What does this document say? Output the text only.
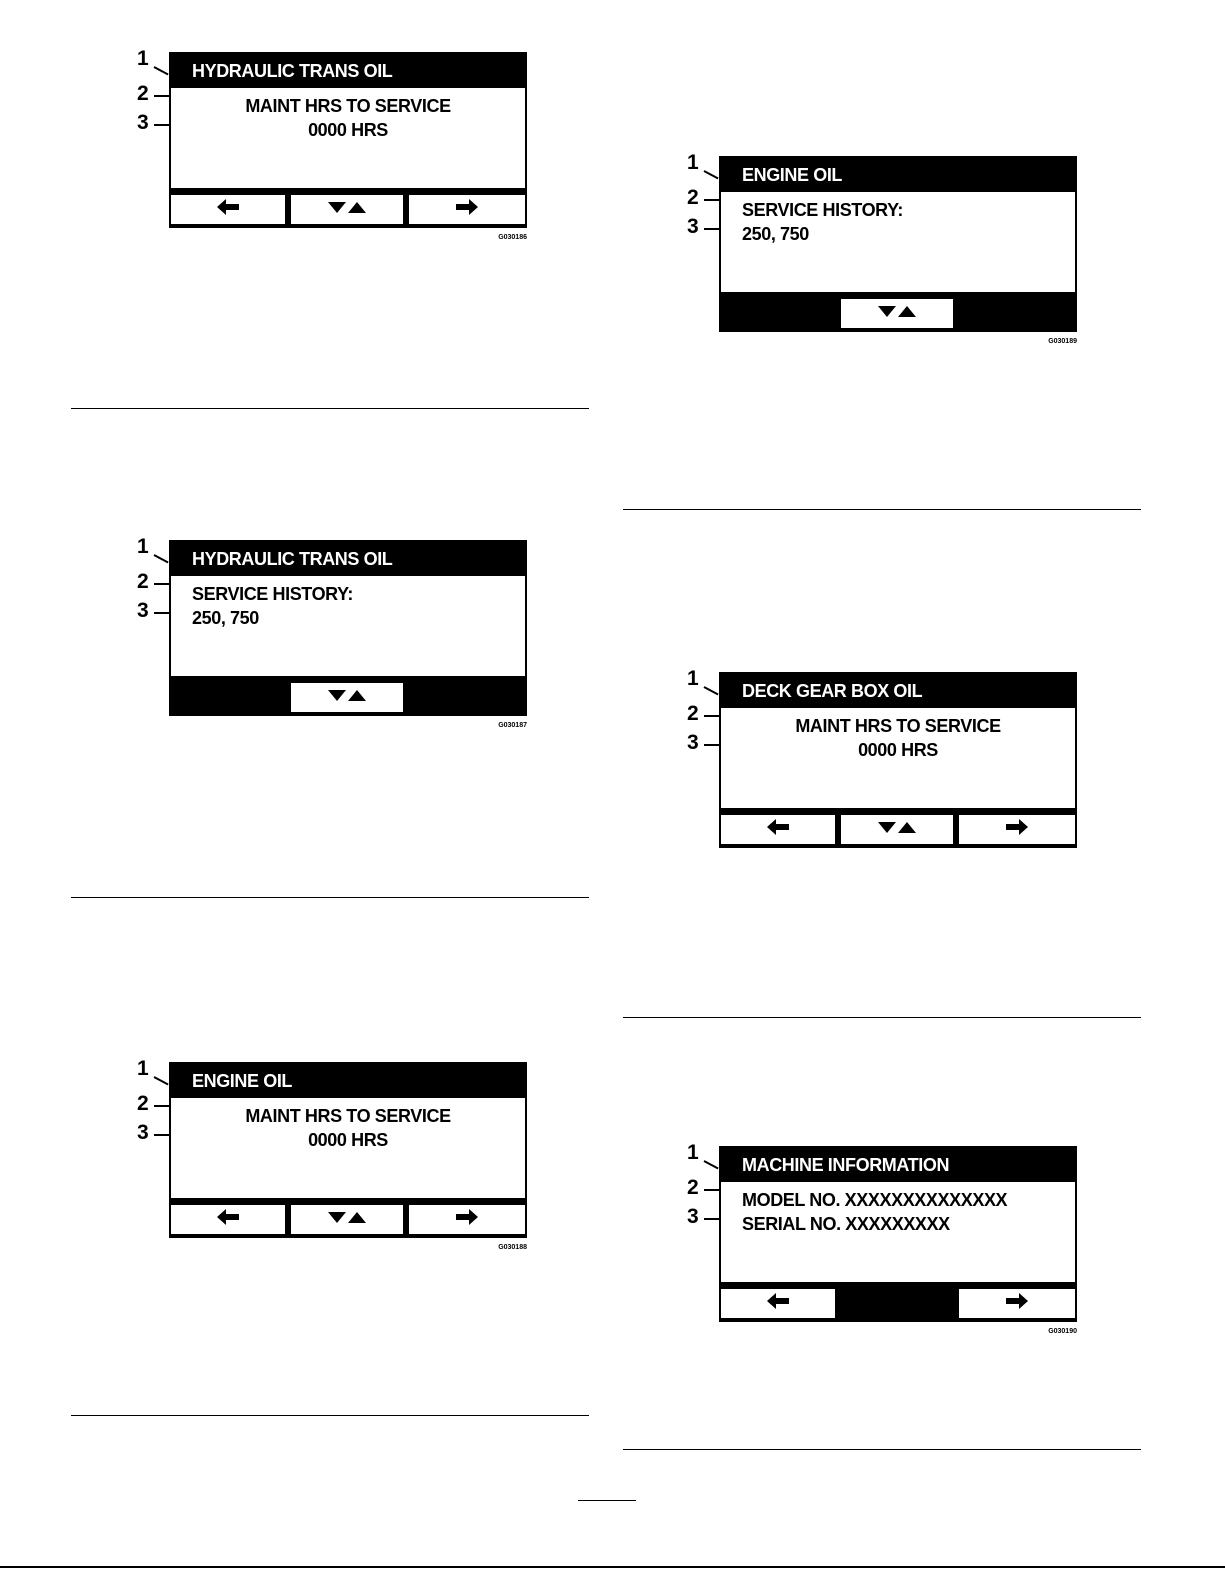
1
2
3
HYDRAULIC TRANS OIL
MAINT HRS TO SERVICE
0000 HRS
G030186
1
2
3
HYDRAULIC TRANS OIL
SERVICE HISTORY:
250, 750
G030187
1
2
3
ENGINE OIL
MAINT HRS TO SERVICE
0000 HRS
G030188
1
2
3
ENGINE OIL
SERVICE HISTORY:
250, 750
G030189
1
2
3
DECK GEAR BOX OIL
MAINT HRS TO SERVICE
0000 HRS
1
2
3
MACHINE INFORMATION
MODEL NO. XXXXXXXXXXXXXX
SERIAL NO. XXXXXXXXX
G030190
